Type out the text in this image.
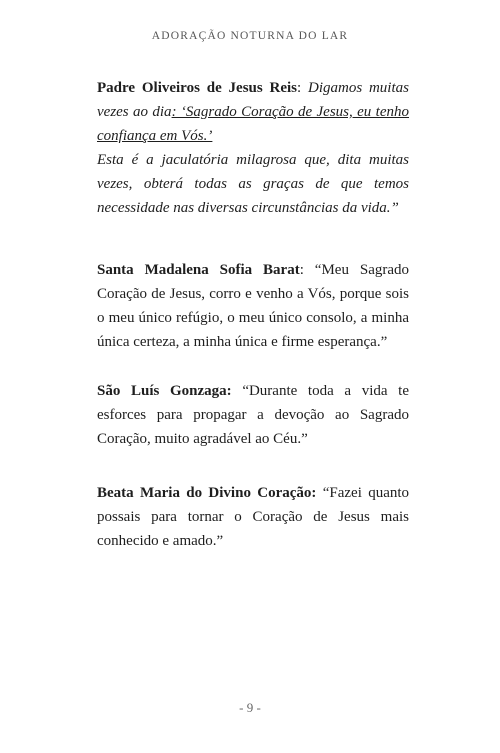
ADORAÇÃO NOTURNA DO LAR

Padre Oliveiros de Jesus Reis: Digamos muitas vezes ao dia: ‘Sagrado Coração de Jesus, eu tenho confiança em Vós.’

Esta é a jaculatória milagrosa que, dita muitas vezes, obterá todas as graças de que temos necessidade nas diversas circunstâncias da vida.”

Santa Madalena Sofia Barat: “Meu Sagrado Coração de Jesus, corro e venho a Vós, porque sois o meu único refúgio, o meu único consolo, a minha única certeza, a minha única e firme esperança.”

São Luís Gonzaga: “Durante toda a vida te esforces para propagar a devoção ao Sagrado Coração, muito agradável ao Céu.”

Beata Maria do Divino Coração: “Fazei quanto possais para tornar o Coração de Jesus mais conhecido e amado.”

- 9 -
